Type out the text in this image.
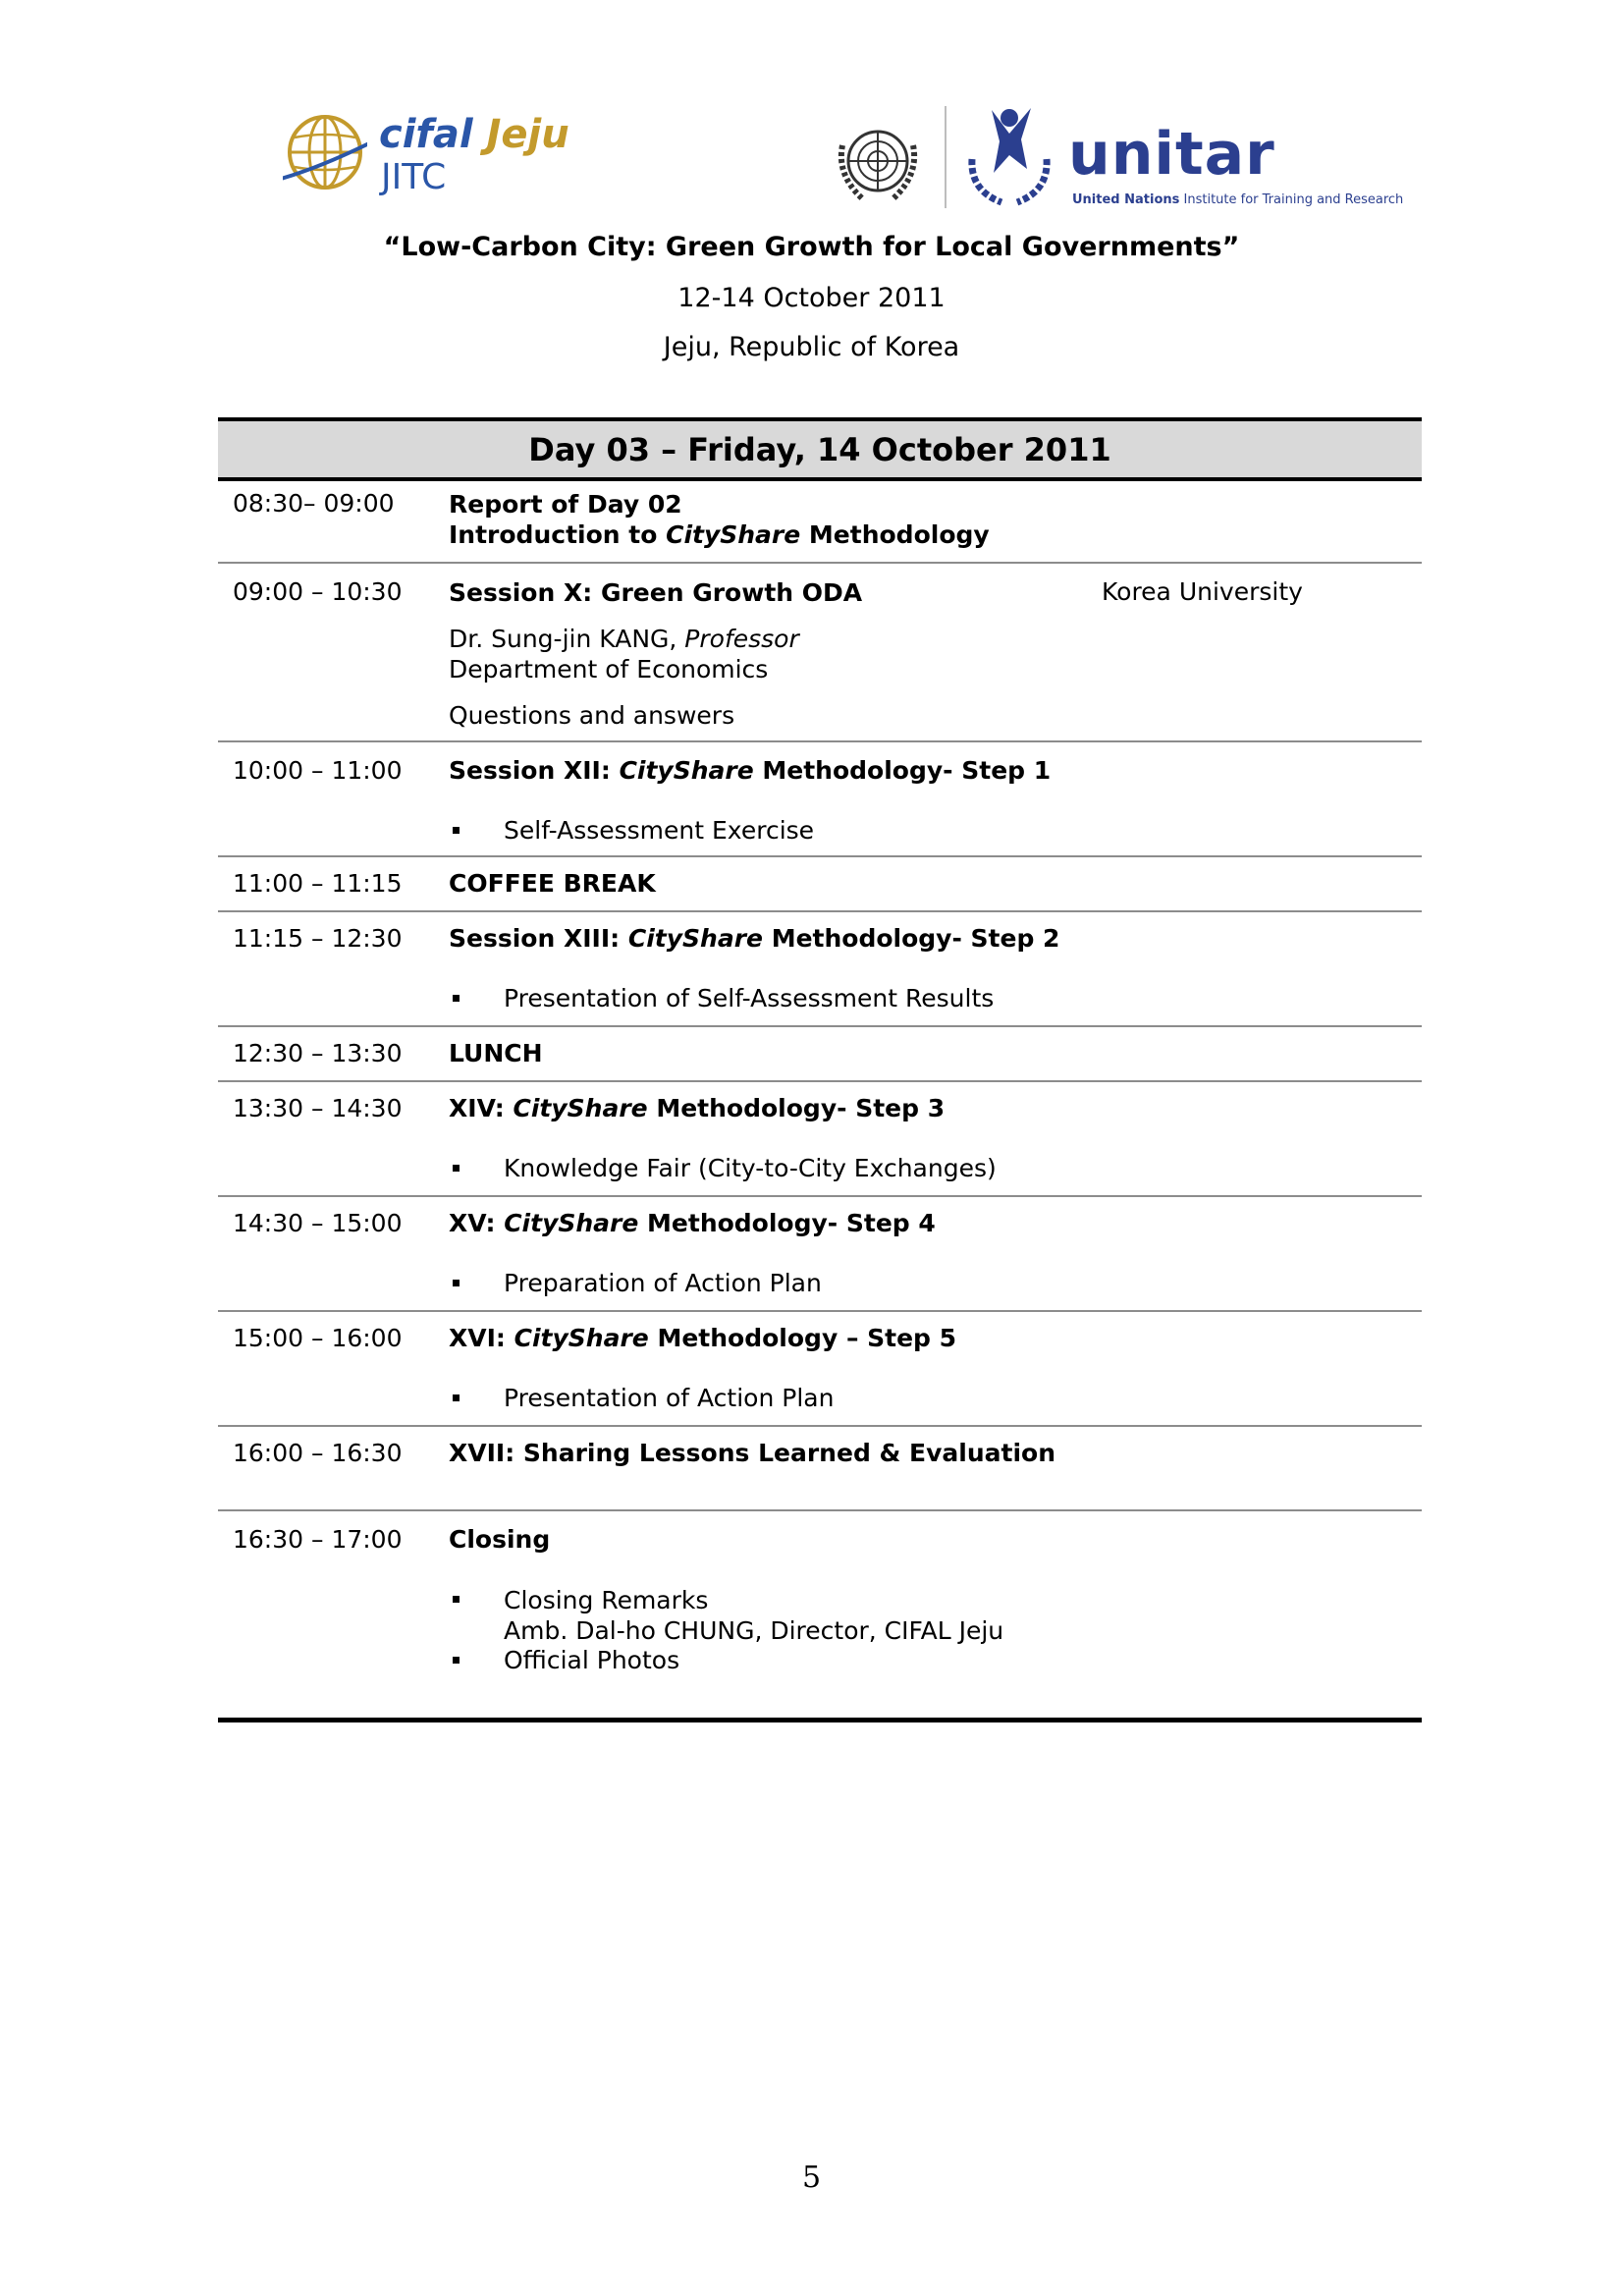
cifal Jeju
JITC	unitar
United Nations Institute for Training and Research
“Low-Carbon City: Green Growth for Local Governments”
12-14 October 2011
Jeju, Republic of Korea
Day 03 – Friday, 14 October 2011
08:30– 09:00 Report of Day 02
Introduction to CityShare Methodology
09:00 – 10:30 Session X: Green Growth ODA
Dr. Sung-jin KANG, Professor
Department of Economics
Questions and answers
Korea University
10:00 – 11:00 Session XII: CityShare Methodology- Step 1
Self-Assessment Exercise
11:00 – 11:15 COFFEE BREAK
11:15 – 12:30 Session XIII: CityShare Methodology- Step 2
Presentation of Self-Assessment Results
12:30 – 13:30 LUNCH
13:30 – 14:30 XIV: CityShare Methodology- Step 3
Knowledge Fair (City-to-City Exchanges)
14:30 – 15:00 XV: CityShare Methodology- Step 4
Preparation of Action Plan
15:00 – 16:00 XVI: CityShare Methodology – Step 5
Presentation of Action Plan
16:00 – 16:30 XVII: Sharing Lessons Learned & Evaluation
16:30 – 17:00 Closing
Closing Remarks
Amb. Dal-ho CHUNG, Director, CIFAL Jeju
Official Photos
5
